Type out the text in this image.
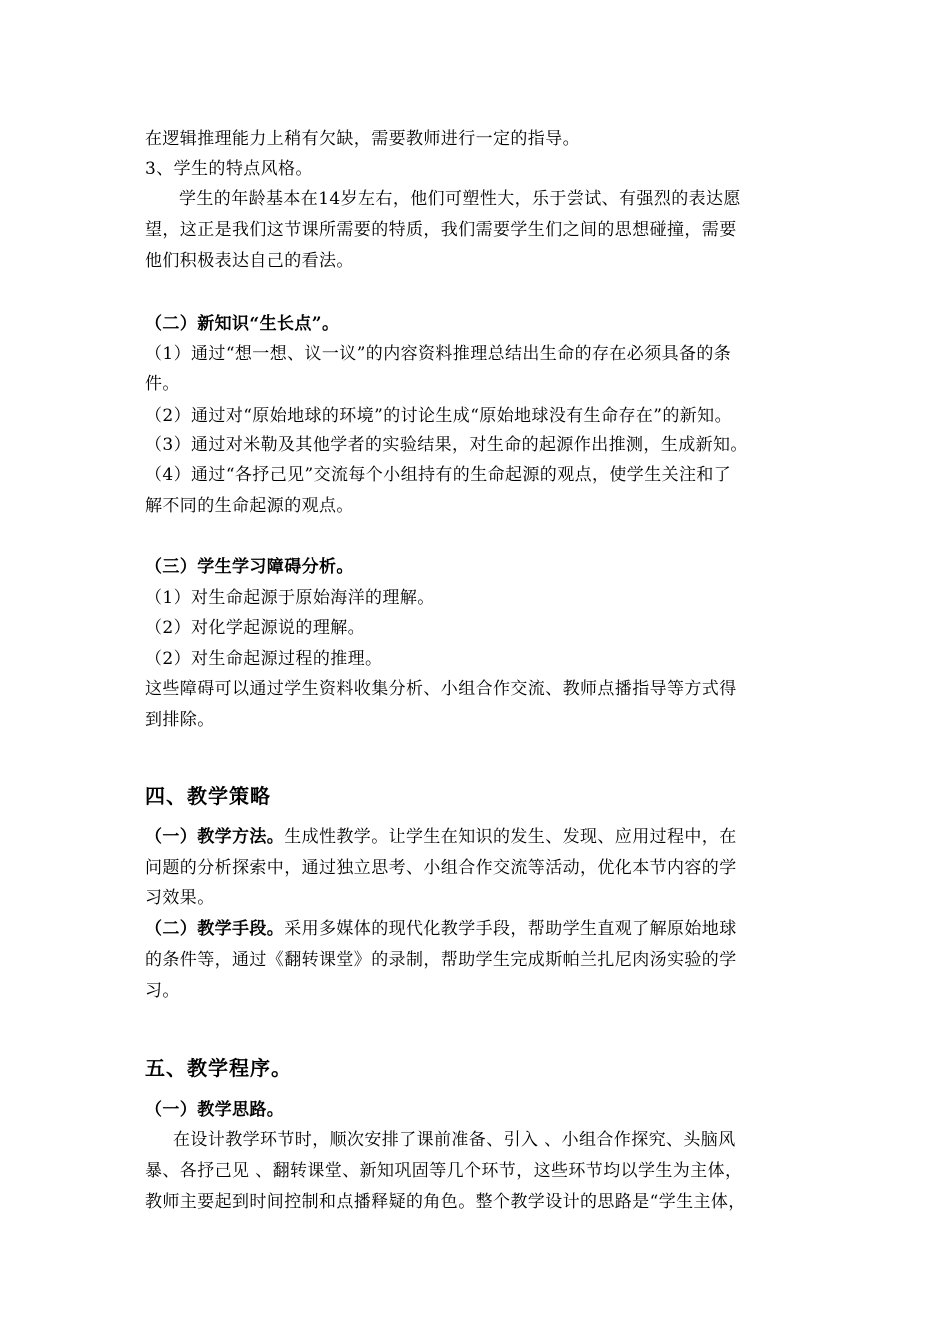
在逻辑推理能力上稍有欠缺，需要教师进行一定的指导。
3、学生的特点风格。
学生的年龄基本在14岁左右，他们可塑性大，乐于尝试、有强烈的表达愿
望，这正是我们这节课所需要的特质，我们需要学生们之间的思想碰撞，需要
他们积极表达自己的看法。
（二）新知识“生长点”。
（1）通过“想一想、议一议”的内容资料推理总结出生命的存在必须具备的条
件。
（2）通过对“原始地球的环境”的讨论生成“原始地球没有生命存在”的新知。
（3）通过对米勒及其他学者的实验结果，对生命的起源作出推测，生成新知。
（4）通过“各抒己见”交流每个小组持有的生命起源的观点，使学生关注和了
解不同的生命起源的观点。
（三）学生学习障碍分析。
（1）对生命起源于原始海洋的理解。
（2）对化学起源说的理解。
（2）对生命起源过程的推理。
这些障碍可以通过学生资料收集分析、小组合作交流、教师点播指导等方式得
到排除。
四、教学策略
（一）教学方法。生成性教学。让学生在知识的发生、发现、应用过程中，在
问题的分析探索中，通过独立思考、小组合作交流等活动，优化本节内容的学
习效果。
（二）教学手段。采用多媒体的现代化教学手段，帮助学生直观了解原始地球
的条件等，通过《翻转课堂》的录制，帮助学生完成斯帕兰扎尼肉汤实验的学
习。
五、教学程序。
（一）教学思路。
在设计教学环节时，顺次安排了课前准备、引入 、小组合作探究、头脑风
暴、各抒己见 、翻转课堂、新知巩固等几个环节，这些环节均以学生为主体，
教师主要起到时间控制和点播释疑的角色。整个教学设计的思路是“学生主体，
